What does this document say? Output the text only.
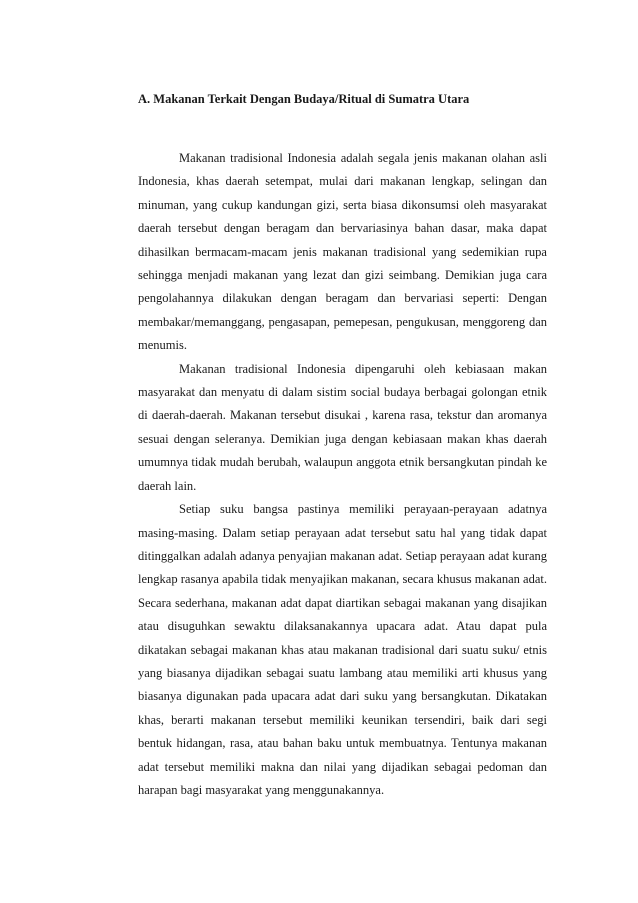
A. Makanan Terkait Dengan Budaya/Ritual di Sumatra Utara

Makanan tradisional Indonesia adalah segala jenis makanan olahan asli Indonesia, khas daerah setempat, mulai dari makanan lengkap, selingan dan minuman, yang cukup kandungan gizi, serta biasa dikonsumsi oleh masyarakat daerah tersebut dengan beragam dan bervariasinya bahan dasar, maka dapat dihasilkan bermacam-macam jenis makanan tradisional yang sedemikian rupa sehingga menjadi makanan yang lezat dan gizi seimbang. Demikian juga cara pengolahannya dilakukan dengan beragam dan bervariasi seperti: Dengan membakar/memanggang, pengasapan, pemepesan, pengukusan, menggoreng dan menumis.

Makanan tradisional Indonesia dipengaruhi oleh kebiasaan makan masyarakat dan menyatu di dalam sistim social budaya berbagai golongan etnik di daerah-daerah. Makanan tersebut disukai , karena rasa, tekstur dan aromanya sesuai dengan seleranya. Demikian juga dengan kebiasaan makan khas daerah umumnya tidak mudah berubah, walaupun anggota etnik bersangkutan pindah ke daerah lain.

Setiap suku bangsa pastinya memiliki perayaan-perayaan adatnya masing-masing. Dalam setiap perayaan adat tersebut satu hal yang tidak dapat ditinggalkan adalah adanya penyajian makanan adat. Setiap perayaan adat kurang lengkap rasanya apabila tidak menyajikan makanan, secara khusus makanan adat. Secara sederhana, makanan adat dapat diartikan sebagai makanan yang disajikan atau disuguhkan sewaktu dilaksanakannya upacara adat. Atau dapat pula dikatakan sebagai makanan khas atau makanan tradisional dari suatu suku/ etnis yang biasanya dijadikan sebagai suatu lambang atau memiliki arti khusus yang biasanya digunakan pada upacara adat dari suku yang bersangkutan. Dikatakan khas, berarti makanan tersebut memiliki keunikan tersendiri, baik dari segi bentuk hidangan, rasa, atau bahan baku untuk membuatnya. Tentunya makanan adat tersebut memiliki makna dan nilai yang dijadikan sebagai pedoman dan harapan bagi masyarakat yang menggunakannya.
